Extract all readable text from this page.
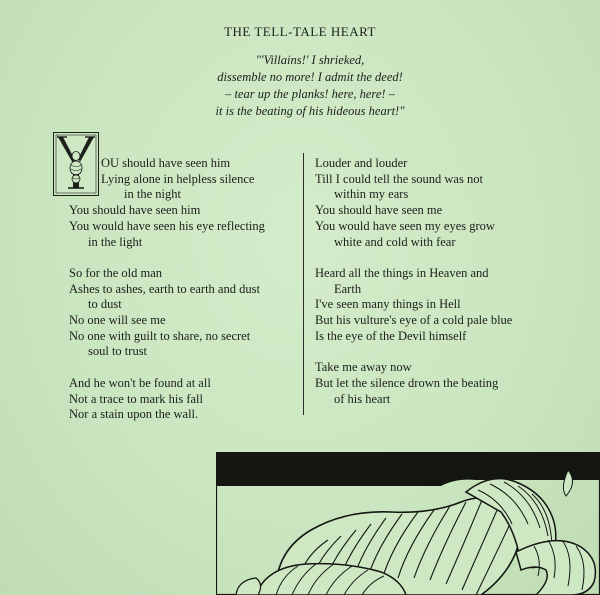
THE TELL-TALE HEART
"'Villains!' I shrieked,
dissemble no more! I admit the deed!
– tear up the planks! here, here! –
it is the beating of his hideous heart!"
OU should have seen him
Lying alone in helpless silence
in the night
You should have seen him
You would have seen his eye reflecting
in the light
So for the old man
Ashes to ashes, earth to earth and dust
to dust
No one will see me
No one with guilt to share, no secret
soul to trust
And he won't be found at all
Not a trace to mark his fall
Nor a stain upon the wall.
Louder and louder
Till I could tell the sound was not
within my ears
You should have seen me
You would have seen my eyes grow
white and cold with fear
Heard all the things in Heaven and
Earth
I've seen many things in Hell
But his vulture's eye of a cold pale blue
Is the eye of the Devil himself
Take me away now
But let the silence drown the beating
of his heart
